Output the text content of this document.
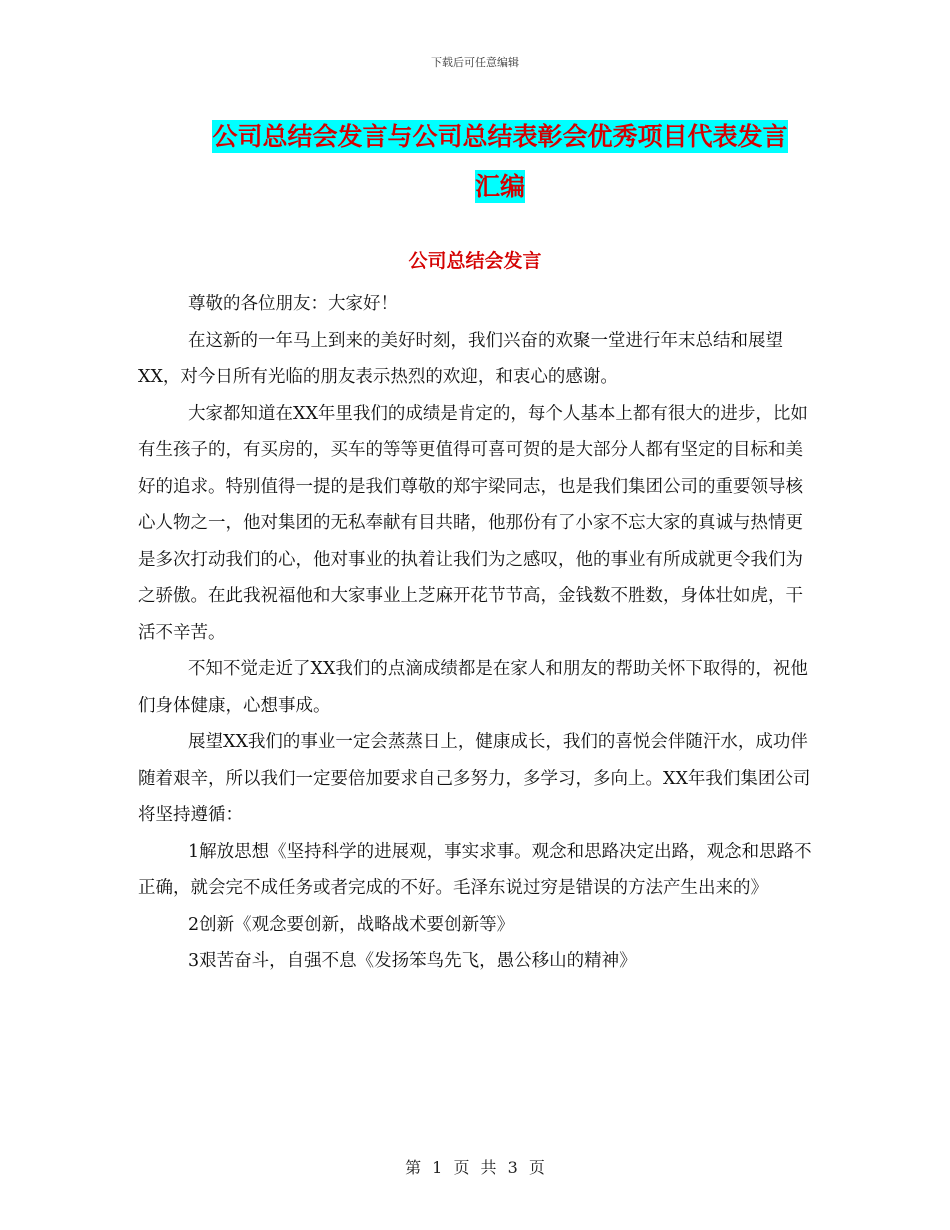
下载后可任意编辑
公司总结会发言与公司总结表彰会优秀项目代表发言
汇编
公司总结会发言

尊敬的各位朋友：大家好！

在这新的一年马上到来的美好时刻，我们兴奋的欢聚一堂进行年末总结和展望XX，对今日所有光临的朋友表示热烈的欢迎，和衷心的感谢。

大家都知道在XX年里我们的成绩是肯定的，每个人基本上都有很大的进步，比如有生孩子的，有买房的，买车的等等更值得可喜可贺的是大部分人都有坚定的目标和美好的追求。特别值得一提的是我们尊敬的郑宇梁同志，也是我们集团公司的重要领导核心人物之一，他对集团的无私奉献有目共睹，他那份有了小家不忘大家的真诚与热情更是多次打动我们的心，他对事业的执着让我们为之感叹，他的事业有所成就更令我们为之骄傲。在此我祝福他和大家事业上芝麻开花节节高，金钱数不胜数，身体壮如虎，干活不辛苦。

不知不觉走近了XX我们的点滴成绩都是在家人和朋友的帮助关怀下取得的，祝他们身体健康，心想事成。

展望XX我们的事业一定会蒸蒸日上，健康成长，我们的喜悦会伴随汗水，成功伴随着艰辛，所以我们一定要倍加要求自己多努力，多学习，多向上。XX年我们集团公司将坚持遵循：

1解放思想《坚持科学的进展观，事实求事。观念和思路决定出路，观念和思路不正确，就会完不成任务或者完成的不好。毛泽东说过穷是错误的方法产生出来的》

2创新《观念要创新，战略战术要创新等》

3艰苦奋斗，自强不息《发扬笨鸟先飞，愚公移山的精神》

第 1 页 共 3 页
